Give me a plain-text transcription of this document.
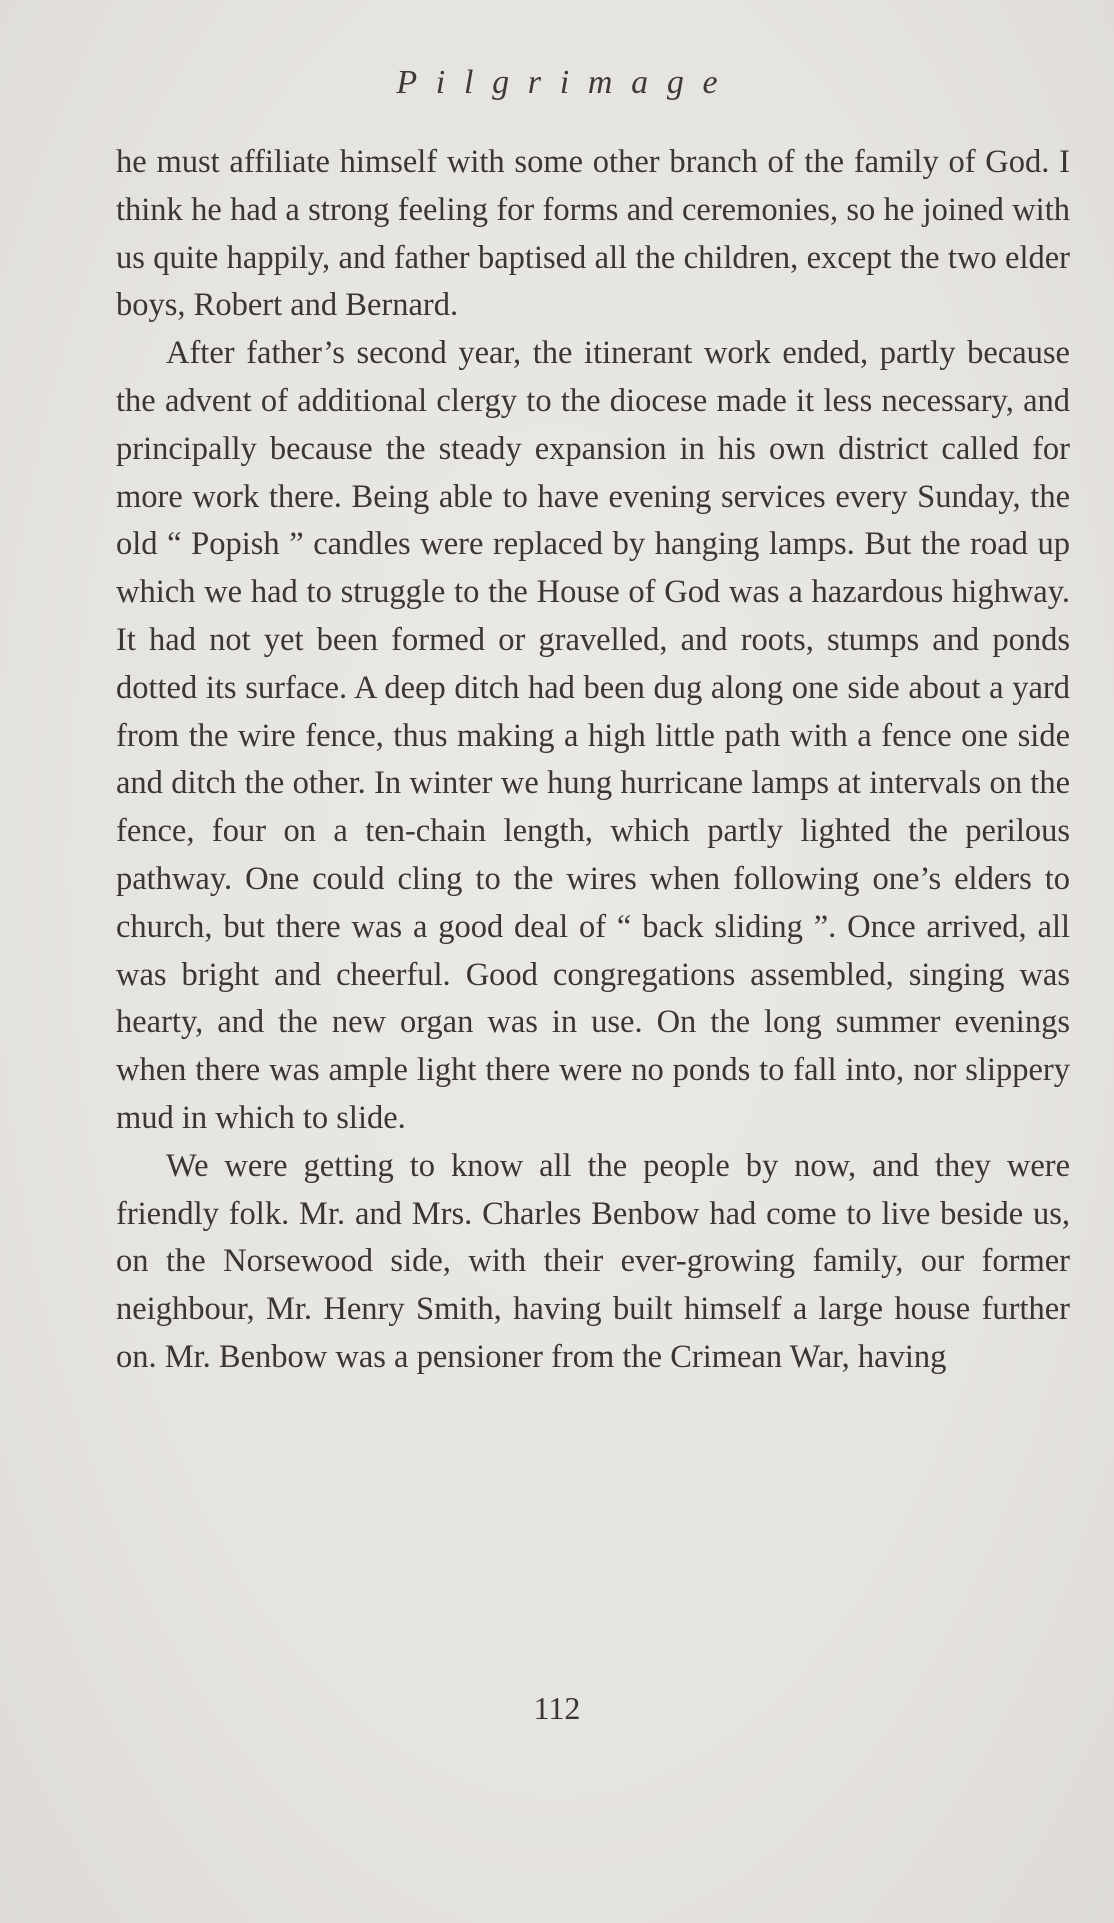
Pilgrimage

he must affiliate himself with some other branch of the family of God. I think he had a strong feeling for forms and ceremonies, so he joined with us quite happily, and father baptised all the children, except the two elder boys, Robert and Bernard.

After father’s second year, the itinerant work ended, partly because the advent of additional clergy to the diocese made it less necessary, and principally because the steady expansion in his own district called for more work there. Being able to have evening services every Sunday, the old “ Popish ” candles were replaced by hanging lamps. But the road up which we had to struggle to the House of God was a hazardous highway. It had not yet been formed or gravelled, and roots, stumps and ponds dotted its surface. A deep ditch had been dug along one side about a yard from the wire fence, thus making a high little path with a fence one side and ditch the other. In winter we hung hurricane lamps at intervals on the fence, four on a ten-chain length, which partly lighted the perilous pathway. One could cling to the wires when following one’s elders to church, but there was a good deal of “ back sliding ”. Once arrived, all was bright and cheerful. Good congregations assembled, singing was hearty, and the new organ was in use. On the long summer evenings when there was ample light there were no ponds to fall into, nor slippery mud in which to slide.

We were getting to know all the people by now, and they were friendly folk. Mr. and Mrs. Charles Benbow had come to live beside us, on the Norsewood side, with their ever-growing family, our former neighbour, Mr. Henry Smith, having built himself a large house further on. Mr. Benbow was a pensioner from the Crimean War, having

112
